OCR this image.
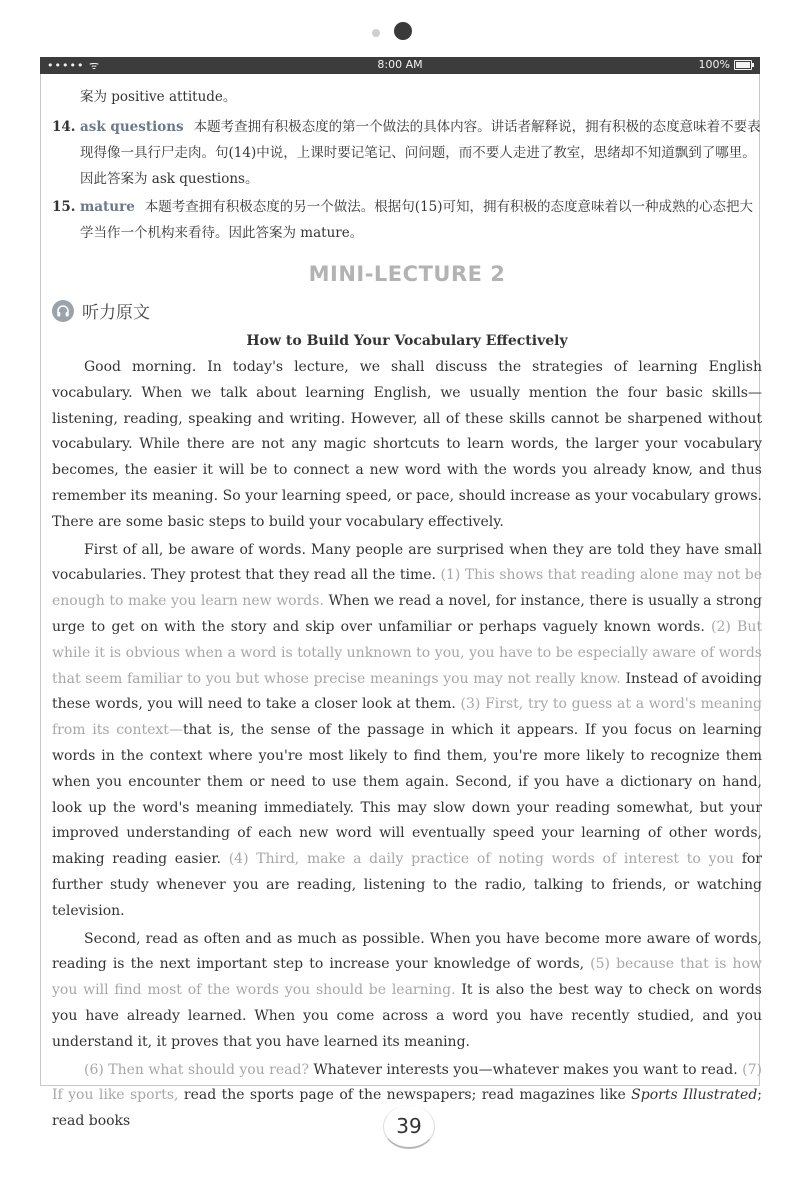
••••• ᯤ	8:00 AM	100%
案为 positive attitude。
14. ask questions 本题考查拥有积极态度的第一个做法的具体内容。讲话者解释说，拥有积极的态度意味着不要表现得像一具行尸走肉。句(14)中说，上课时要记笔记、问问题，而不要人走进了教室，思绪却不知道飘到了哪里。因此答案为 ask questions。
15. mature 本题考查拥有积极态度的另一个做法。根据句(15)可知，拥有积极的态度意味着以一种成熟的心态把大学当作一个机构来看待。因此答案为 mature。
MINI-LECTURE 2
听力原文
How to Build Your Vocabulary Effectively

Good morning. In today's lecture, we shall discuss the strategies of learning English vocabulary. When we talk about learning English, we usually mention the four basic skills—listening, reading, speaking and writing. However, all of these skills cannot be sharpened without vocabulary. While there are not any magic shortcuts to learn words, the larger your vocabulary becomes, the easier it will be to connect a new word with the words you already know, and thus remember its meaning. So your learning speed, or pace, should increase as your vocabulary grows. There are some basic steps to build your vocabulary effectively.

First of all, be aware of words. Many people are surprised when they are told they have small vocabularies. They protest that they read all the time. (1) This shows that reading alone may not be enough to make you learn new words. When we read a novel, for instance, there is usually a strong urge to get on with the story and skip over unfamiliar or perhaps vaguely known words. (2) But while it is obvious when a word is totally unknown to you, you have to be especially aware of words that seem familiar to you but whose precise meanings you may not really know. Instead of avoiding these words, you will need to take a closer look at them. (3) First, try to guess at a word's meaning from its context—that is, the sense of the passage in which it appears. If you focus on learning words in the context where you're most likely to find them, you're more likely to recognize them when you encounter them or need to use them again. Second, if you have a dictionary on hand, look up the word's meaning immediately. This may slow down your reading somewhat, but your improved understanding of each new word will eventually speed your learning of other words, making reading easier. (4) Third, make a daily practice of noting words of interest to you for further study whenever you are reading, listening to the radio, talking to friends, or watching television.

Second, read as often and as much as possible. When you have become more aware of words, reading is the next important step to increase your knowledge of words, (5) because that is how you will find most of the words you should be learning. It is also the best way to check on words you have already learned. When you come across a word you have recently studied, and you understand it, it proves that you have learned its meaning.

(6) Then what should you read? Whatever interests you—whatever makes you want to read. (7) If you like sports, read the sports page of the newspapers; read magazines like Sports Illustrated; read books	39
